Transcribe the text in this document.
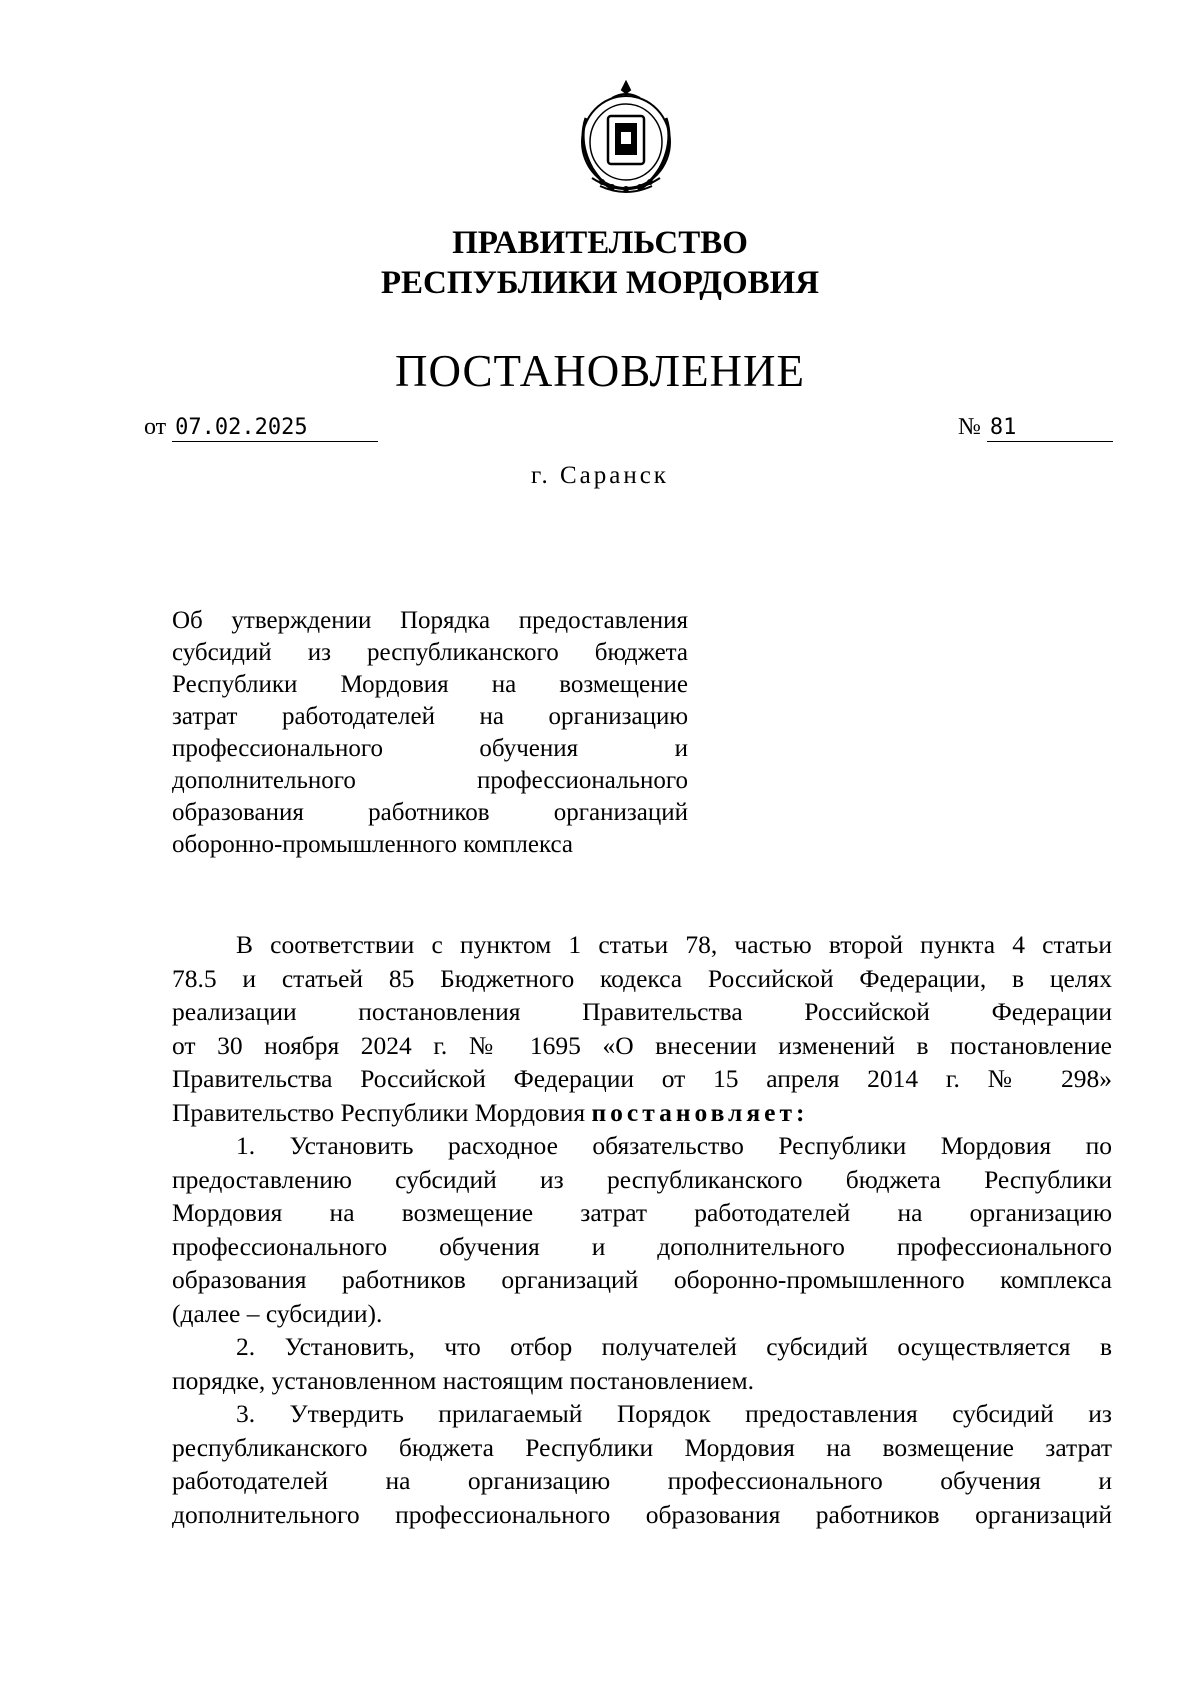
ПРАВИТЕЛЬСТВО
РЕСПУБЛИКИ МОРДОВИЯ
ПОСТАНОВЛЕНИЕ
от 07.02.2025	№ 81
г. Саранск
Об утверждении Порядка предоставления
субсидий из республиканского бюджета
Республики Мордовия на возмещение
затрат работодателей на организацию
профессионального обучения и
дополнительного профессионального
образования работников организаций
оборонно-промышленного комплекса
В соответствии с пунктом 1 статьи 78, частью второй пункта 4 статьи
78.5 и статьей 85 Бюджетного кодекса Российской Федерации, в целях
реализации постановления Правительства Российской Федерации
от 30 ноября 2024 г. № 1695 «О внесении изменений в постановление
Правительства Российской Федерации от 15 апреля 2014 г. № 298»
Правительство Республики Мордовия постановляет:
1. Установить расходное обязательство Республики Мордовия по
предоставлению субсидий из республиканского бюджета Республики
Мордовия на возмещение затрат работодателей на организацию
профессионального обучения и дополнительного профессионального
образования работников организаций оборонно-промышленного комплекса
(далее – субсидии).
2. Установить, что отбор получателей субсидий осуществляется в
порядке, установленном настоящим постановлением.
3. Утвердить прилагаемый Порядок предоставления субсидий из
республиканского бюджета Республики Мордовия на возмещение затрат
работодателей на организацию профессионального обучения и
дополнительного профессионального образования работников организаций
